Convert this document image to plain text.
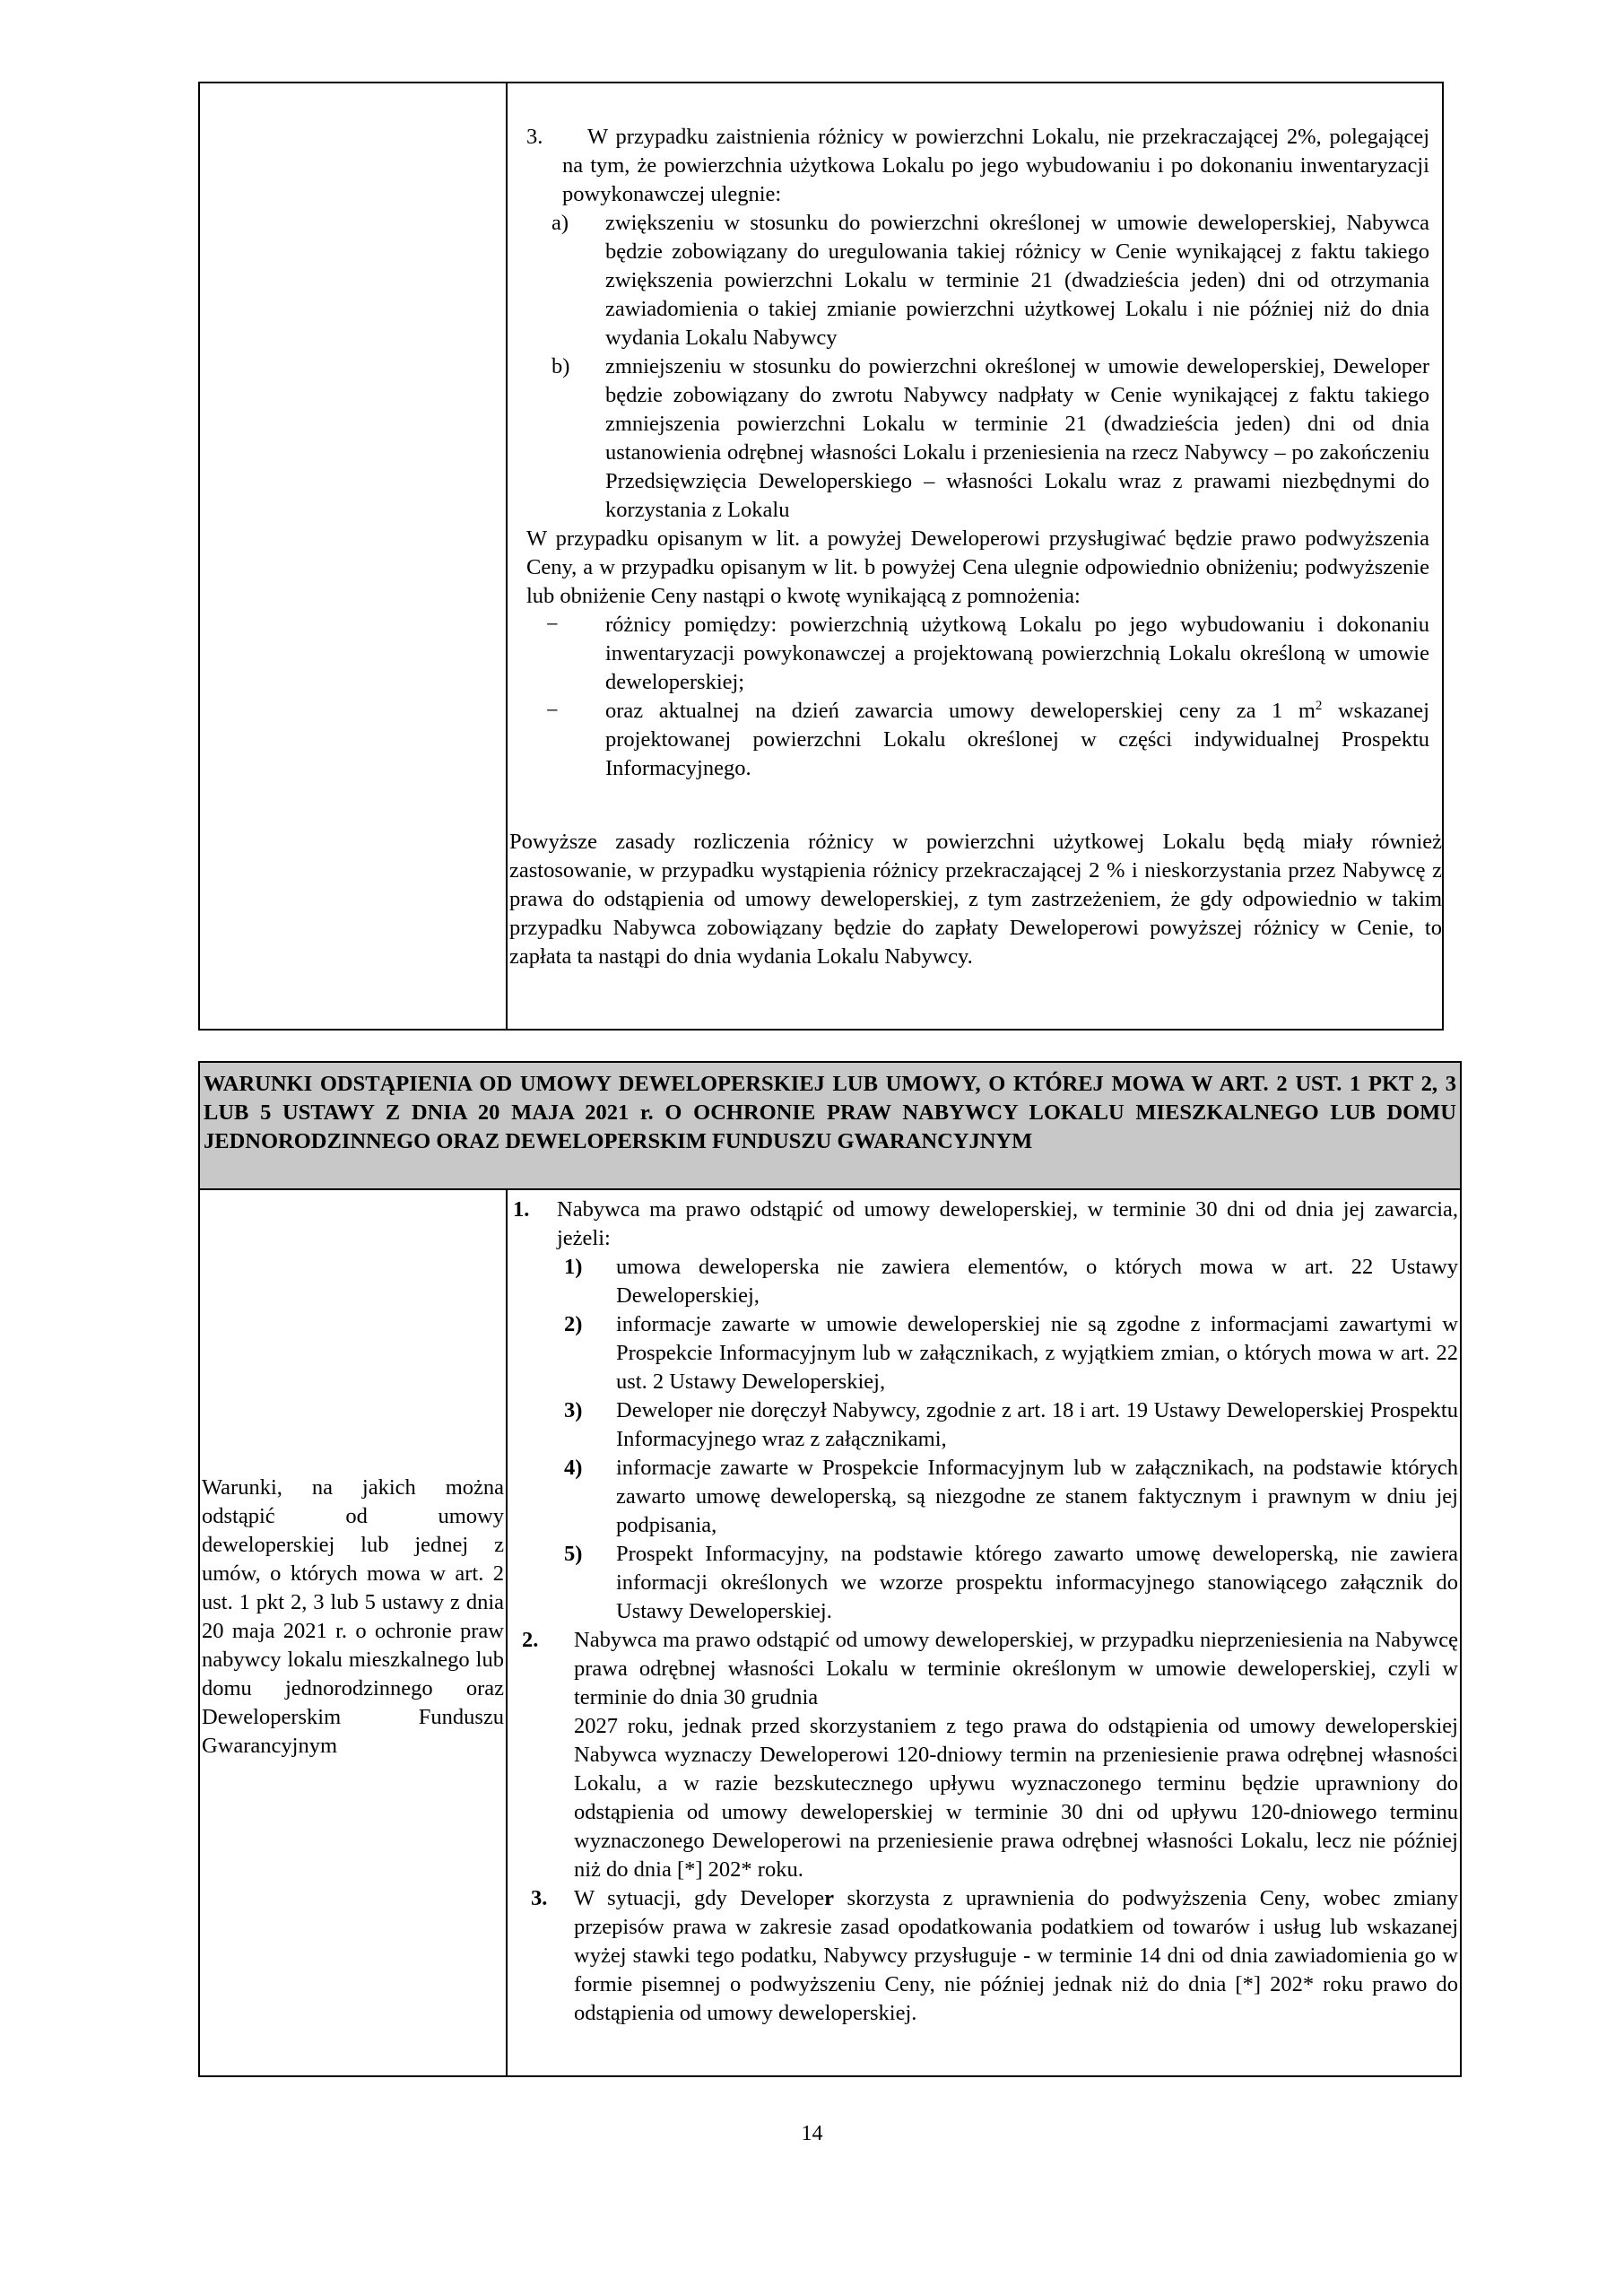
3.	W przypadku zaistnienia różnicy w powierzchni Lokalu, nie przekraczającej 2%, polegającej na tym, że powierzchnia użytkowa Lokalu po jego wybudowaniu i po dokonaniu inwentaryzacji powykonawczej ulegnie:
a)	zwiększeniu w stosunku do powierzchni określonej w umowie deweloperskiej, Nabywca będzie zobowiązany do uregulowania takiej różnicy w Cenie wynikającej z faktu takiego zwiększenia powierzchni Lokalu w terminie 21 (dwadzieścia jeden) dni od otrzymania zawiadomienia o takiej zmianie powierzchni użytkowej Lokalu i nie później niż do dnia wydania Lokalu Nabywcy
b)	zmniejszeniu w stosunku do powierzchni określonej w umowie deweloperskiej, Deweloper będzie zobowiązany do zwrotu Nabywcy nadpłaty w Cenie wynikającej z faktu takiego zmniejszenia powierzchni Lokalu w terminie 21 (dwadzieścia jeden) dni od dnia ustanowienia odrębnej własności Lokalu i przeniesienia na rzecz Nabywcy – po zakończeniu Przedsięwzięcia Deweloperskiego – własności Lokalu wraz z prawami niezbędnymi do korzystania z Lokalu
W przypadku opisanym w lit. a powyżej Deweloperowi przysługiwać będzie prawo podwyższenia Ceny, a w przypadku opisanym w lit. b powyżej Cena ulegnie odpowiednio obniżeniu; podwyższenie lub obniżenie Ceny nastąpi o kwotę wynikającą z pomnożenia:
−	różnicy pomiędzy: powierzchnią użytkową Lokalu po jego wybudowaniu i dokonaniu inwentaryzacji powykonawczej a projektowaną powierzchnią Lokalu określoną w umowie deweloperskiej;
−	oraz aktualnej na dzień zawarcia umowy deweloperskiej ceny za 1 $m^2$ wskazanej projektowanej powierzchni Lokalu określonej w części indywidualnej Prospektu Informacyjnego.
Powyższe zasady rozliczenia różnicy w powierzchni użytkowej Lokalu będą miały również zastosowanie, w przypadku wystąpienia różnicy przekraczającej 2 % i nieskorzystania przez Nabywcę z prawa do odstąpienia od umowy deweloperskiej, z tym zastrzeżeniem, że gdy odpowiednio w takim przypadku Nabywca zobowiązany będzie do zapłaty Deweloperowi powyższej różnicy w Cenie, to zapłata ta nastąpi do dnia wydania Lokalu Nabywcy.
WARUNKI ODSTĄPIENIA OD UMOWY DEWELOPERSKIEJ LUB UMOWY, O KTÓREJ MOWA W ART. 2 UST. 1 PKT 2, 3 LUB 5 USTAWY Z DNIA 20 MAJA 2021 r. O OCHRONIE PRAW NABYWCY LOKALU MIESZKALNEGO LUB DOMU JEDNORODZINNEGO ORAZ DEWELOPERSKIM FUNDUSZU GWARANCYJNYM
Warunki, na jakich można odstąpić od umowy deweloperskiej lub jednej z umów, o których mowa w art. 2 ust. 1 pkt 2, 3 lub 5 ustawy z dnia 20 maja 2021 r. o ochronie praw nabywcy lokalu mieszkalnego lub domu jednorodzinnego oraz Deweloperskim Funduszu Gwarancyjnym
1.	Nabywca ma prawo odstąpić od umowy deweloperskiej, w terminie 30 dni od dnia jej zawarcia, jeżeli:
1)	umowa deweloperska nie zawiera elementów, o których mowa w art. 22 Ustawy Deweloperskiej,
2)	informacje zawarte w umowie deweloperskiej nie są zgodne z informacjami zawartymi w Prospekcie Informacyjnym lub w załącznikach, z wyjątkiem zmian, o których mowa w art. 22 ust. 2 Ustawy Deweloperskiej,
3)	Deweloper nie doręczył Nabywcy, zgodnie z art. 18 i art. 19 Ustawy Deweloperskiej Prospektu Informacyjnego wraz z załącznikami,
4)	informacje zawarte w Prospekcie Informacyjnym lub w załącznikach, na podstawie których zawarto umowę deweloperską, są niezgodne ze stanem faktycznym i prawnym w dniu jej podpisania,
5)	Prospekt Informacyjny, na podstawie którego zawarto umowę deweloperską, nie zawiera informacji określonych we wzorze prospektu informacyjnego stanowiącego załącznik do Ustawy Deweloperskiej.
2.	Nabywca ma prawo odstąpić od umowy deweloperskiej, w przypadku nieprzeniesienia na Nabywcę prawa odrębnej własności Lokalu w terminie określonym w umowie deweloperskiej, czyli w terminie do dnia 30 grudnia
2027 roku, jednak przed skorzystaniem z tego prawa do odstąpienia od umowy deweloperskiej Nabywca wyznaczy Deweloperowi 120-dniowy termin na przeniesienie prawa odrębnej własności Lokalu, a w razie bezskutecznego upływu wyznaczonego terminu będzie uprawniony do odstąpienia od umowy deweloperskiej w terminie 30 dni od upływu 120-dniowego terminu wyznaczonego Deweloperowi na przeniesienie prawa odrębnej własności Lokalu, lecz nie później niż do dnia [*] 202* roku.
3.	W sytuacji, gdy Developer skorzysta z uprawnienia do podwyższenia Ceny, wobec zmiany przepisów prawa w zakresie zasad opodatkowania podatkiem od towarów i usług lub wskazanej wyżej stawki tego podatku, Nabywcy przysługuje - w terminie 14 dni od dnia zawiadomienia go w formie pisemnej o podwyższeniu Ceny, nie później jednak niż do dnia [*] 202* roku prawo do odstąpienia od umowy deweloperskiej.
14
